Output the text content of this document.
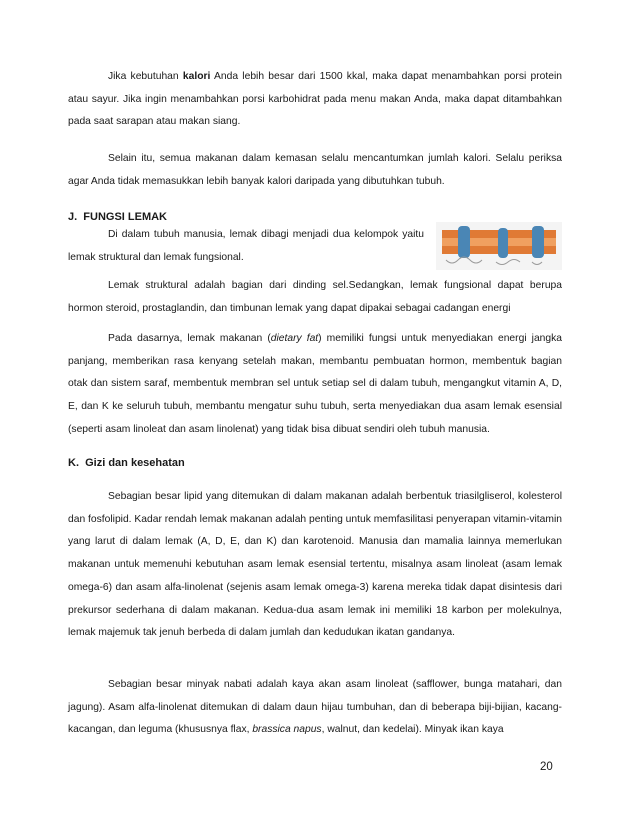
Jika kebutuhan kalori Anda lebih besar dari 1500 kkal, maka dapat menambahkan porsi protein atau sayur. Jika ingin menambahkan porsi karbohidrat pada menu makan Anda, maka dapat ditambahkan pada saat sarapan atau makan siang.

Selain itu, semua makanan dalam kemasan selalu mencantumkan jumlah kalori. Selalu periksa agar Anda tidak memasukkan lebih banyak kalori daripada yang dibutuhkan tubuh.

J.  FUNGSI LEMAK

Di dalam tubuh manusia, lemak dibagi menjadi dua kelompok yaitu lemak struktural dan lemak fungsional.

Lemak struktural adalah bagian dari dinding sel.Sedangkan, lemak fungsional dapat berupa hormon steroid, prostaglandin, dan timbunan lemak yang dapat dipakai sebagai cadangan energi

Pada dasarnya, lemak makanan (dietary fat) memiliki fungsi untuk menyediakan energi jangka panjang, memberikan rasa kenyang setelah makan, membantu pembuatan hormon, membentuk bagian otak dan sistem saraf, membentuk membran sel untuk setiap sel di dalam tubuh, mengangkut vitamin A, D, E, dan K ke seluruh tubuh, membantu mengatur suhu tubuh, serta menyediakan dua asam lemak esensial (seperti asam linoleat dan asam linolenat) yang tidak bisa dibuat sendiri oleh tubuh manusia.

K.  Gizi dan kesehatan

Sebagian besar lipid yang ditemukan di dalam makanan adalah berbentuk triasilgliserol, kolesterol dan fosfolipid. Kadar rendah lemak makanan adalah penting untuk memfasilitasi penyerapan vitamin-vitamin yang larut di dalam lemak (A, D, E, dan K) dan karotenoid. Manusia dan mamalia lainnya memerlukan makanan untuk memenuhi kebutuhan asam lemak esensial tertentu, misalnya asam linoleat (asam lemak omega-6) dan asam alfa-linolenat (sejenis asam lemak omega-3) karena mereka tidak dapat disintesis dari prekursor sederhana di dalam makanan. Kedua-dua asam lemak ini memiliki 18 karbon per molekulnya, lemak majemuk tak jenuh berbeda di dalam jumlah dan kedudukan ikatan gandanya.

Sebagian besar minyak nabati adalah kaya akan asam linoleat (safflower, bunga matahari, dan jagung). Asam alfa-linolenat ditemukan di dalam daun hijau tumbuhan, dan di beberapa biji-bijian, kacang-kacangan, dan leguma (khususnya flax, brassica napus, walnut, dan kedelai). Minyak ikan kaya

20
